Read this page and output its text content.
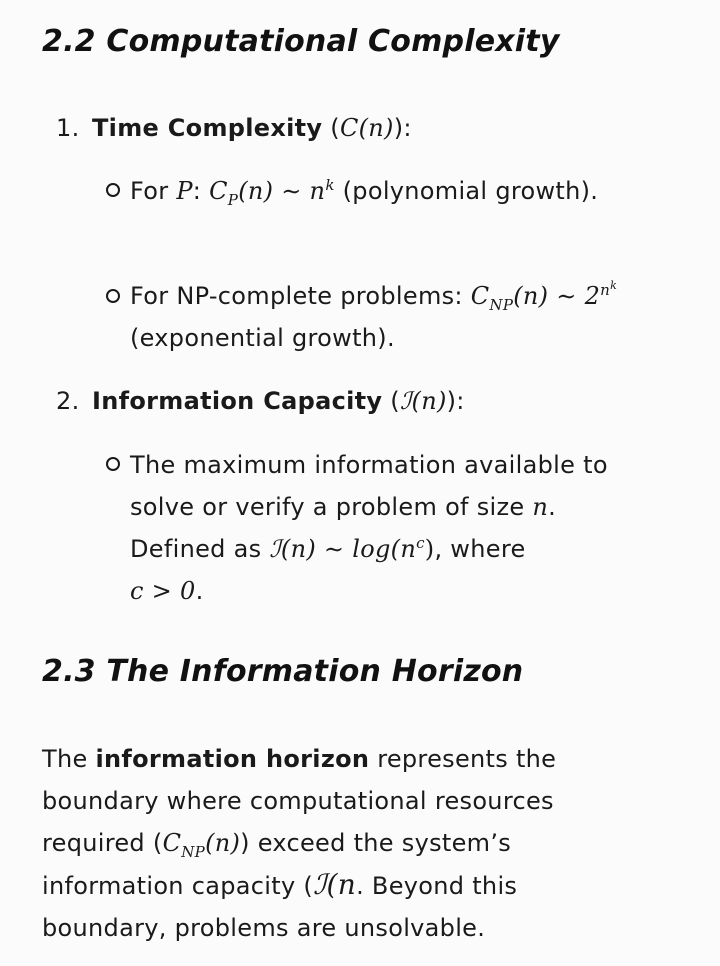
2.2 Computational Complexity
1. Time Complexity (C(n)):
For P: $C_P(n)$ ∼ $n^k$ (polynomial growth).
For NP-complete problems: $C_{NP}(n)$ ∼ $2^{n^k}$ (exponential growth).
2. Information Capacity (ℐ(n)):
The maximum information available to
solve or verify a problem of size n.
Defined as ℐ(n) ∼ $\log(n^c)$, where
c > 0.
2.3 The Information Horizon
The information horizon represents the
boundary where computational resources
required $(C_{NP}(n))$ exceed the system’s
information capacity (ℐ(n. Beyond this
boundary, problems are unsolvable.
